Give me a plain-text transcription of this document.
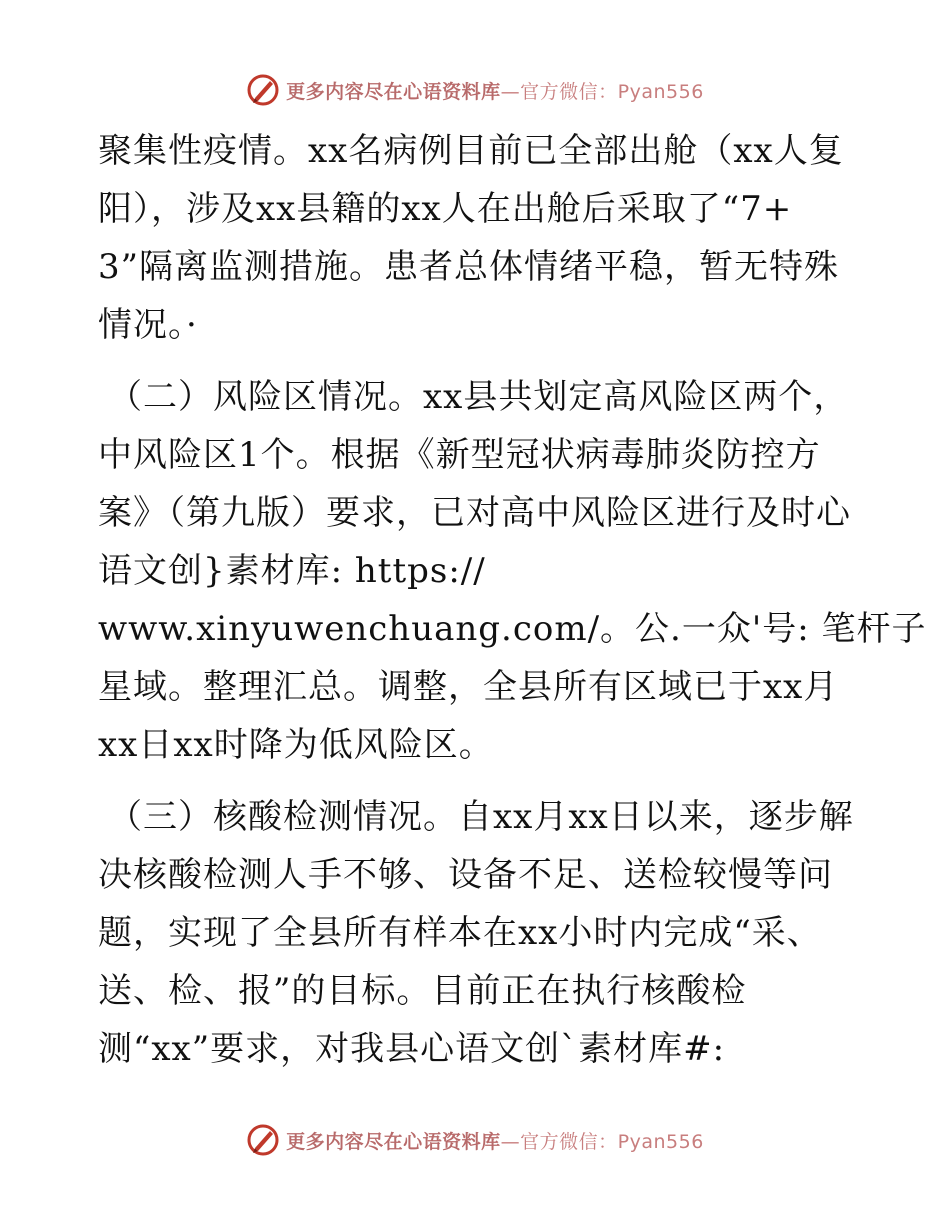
更多内容尽在心语资料库—官方微信：Pyan556
聚集性疫情。xx名病例目前已全部出舱（xx人复
阳），涉及xx县籍的xx人在出舱后采取了“7+
3”隔离监测措施。患者总体情绪平稳，暂无特殊
情况。·
（二）风险区情况。xx县共划定高风险区两个，
中风险区1个。根据《新型冠状病毒肺炎防控方
案》（第九版）要求，已对高中风险区进行及时心
语文创}素材库: https://
www.xinyuwenchuang.com/。公.一众'号: 笔杆子
星域。整理汇总。调整，全县所有区域已于xx月
xx日xx时降为低风险区。
（三）核酸检测情况。自xx月xx日以来，逐步解
决核酸检测人手不够、设备不足、送检较慢等问
题，实现了全县所有样本在xx小时内完成“采、
送、检、报”的目标。目前正在执行核酸检
测“xx”要求，对我县心语文创`素材库#:
更多内容尽在心语资料库—官方微信：Pyan556
